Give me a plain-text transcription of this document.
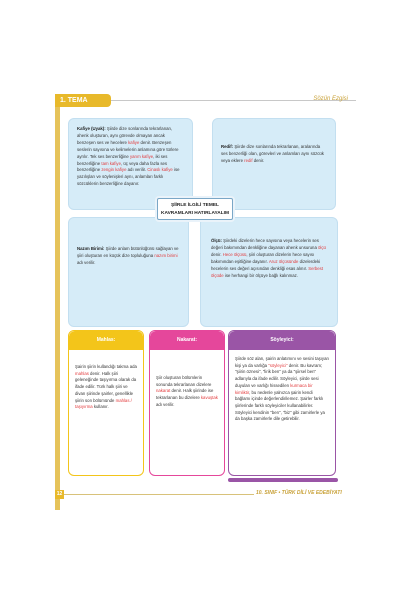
1. TEMA	Sözün Ezgisi
Kafiye (Uyak): Şiirde dize sonlarında tekrarlanan, ahenk oluşturan, aynı görevde olmayan ancak benzeşen ses ve hecelere kafiye denir. Benzeşen seslerin sayısına ve kelimelerin anlamına göre türlere ayrılır. Tek ses benzerliğine yarım kafiye, iki ses benzerliğine tam kafiye, üç veya daha fazla ses benzerliğine zengin kafiye adı verilir. Cinaslı kafiye ise yazılışları ve söylenişleri aynı, anlamları farklı sözcüklerin benzerliğine dayanır.
Redif: Şiirde dize sonlarında tekrarlanan, aralarında ses benzerliği olan, görevleri ve anlamları aynı sözcük veya eklere redif denir.
Nazım Birimi: Şiirde anlam bütünlüğünü sağlayan ve şiiri oluşturan en küçük dize topluluğuna nazım birimi adı verilir.
Ölçü: Şiirdeki dizelerin hece sayısına veya hecelerin ses değeri bakımından denkliğine dayanan ahenk unsuruna ölçü denir. Hece ölçüsü, şiiri oluşturan dizelerin hece sayısı bakımından eşitliğine dayanır. Aruz ölçüsünde dizelerdeki hecelerin ses değeri açısından denkliği esas alınır. Serbest ölçüde ise herhangi bir ölçüye bağlı kalınmaz.
ŞİİRLE İLGİLİ TEMEL
KAVRAMLARI HATIRLAYALIM
Mahlas:
Şairin şiirin kullandığı takma ada mahlas denir. Halk şiiri geleneğinde taşıyırma olarak da ifade edilir. Türk halk şiiri ve divan şiirinde şairler, genellikle şiirin son bölümünde mahlas / taşıyırma kullanır.
Nakarat:
Şiir oluşturan bölümlerin sonunda tekrarlanan dizelere nakarat denir. Halk şiirinde ise tekrarlanan bu dizelere kavuştak adı verilir.
Söyleyici:
Şiirde söz alan, şairin anlatımını ve sesini taşıyan kişi ya da varlığa "söyleyici" denir. Bu kavram; "şiirin öznesi", "lirik ben" ya da "şiirsel ben" adlarıyla da ifade edilir. Söyleyici, şiirde sesi duyulan ve varlığı hissedilen kurmaca bir kimliktir, bu nedenle yalnızca şairin kendi bağlamı içinde değerlendirilemez. Şairler farklı şiirlerinde farklı söyleyiciler kullanabilirler. Söyleyici kendinin "ben", "biz" gibi zamirlerle ya da başka zamirlerle dile getirebilir.
12	10. SINIF • TÜRK DİLİ VE EDEBİYATI
